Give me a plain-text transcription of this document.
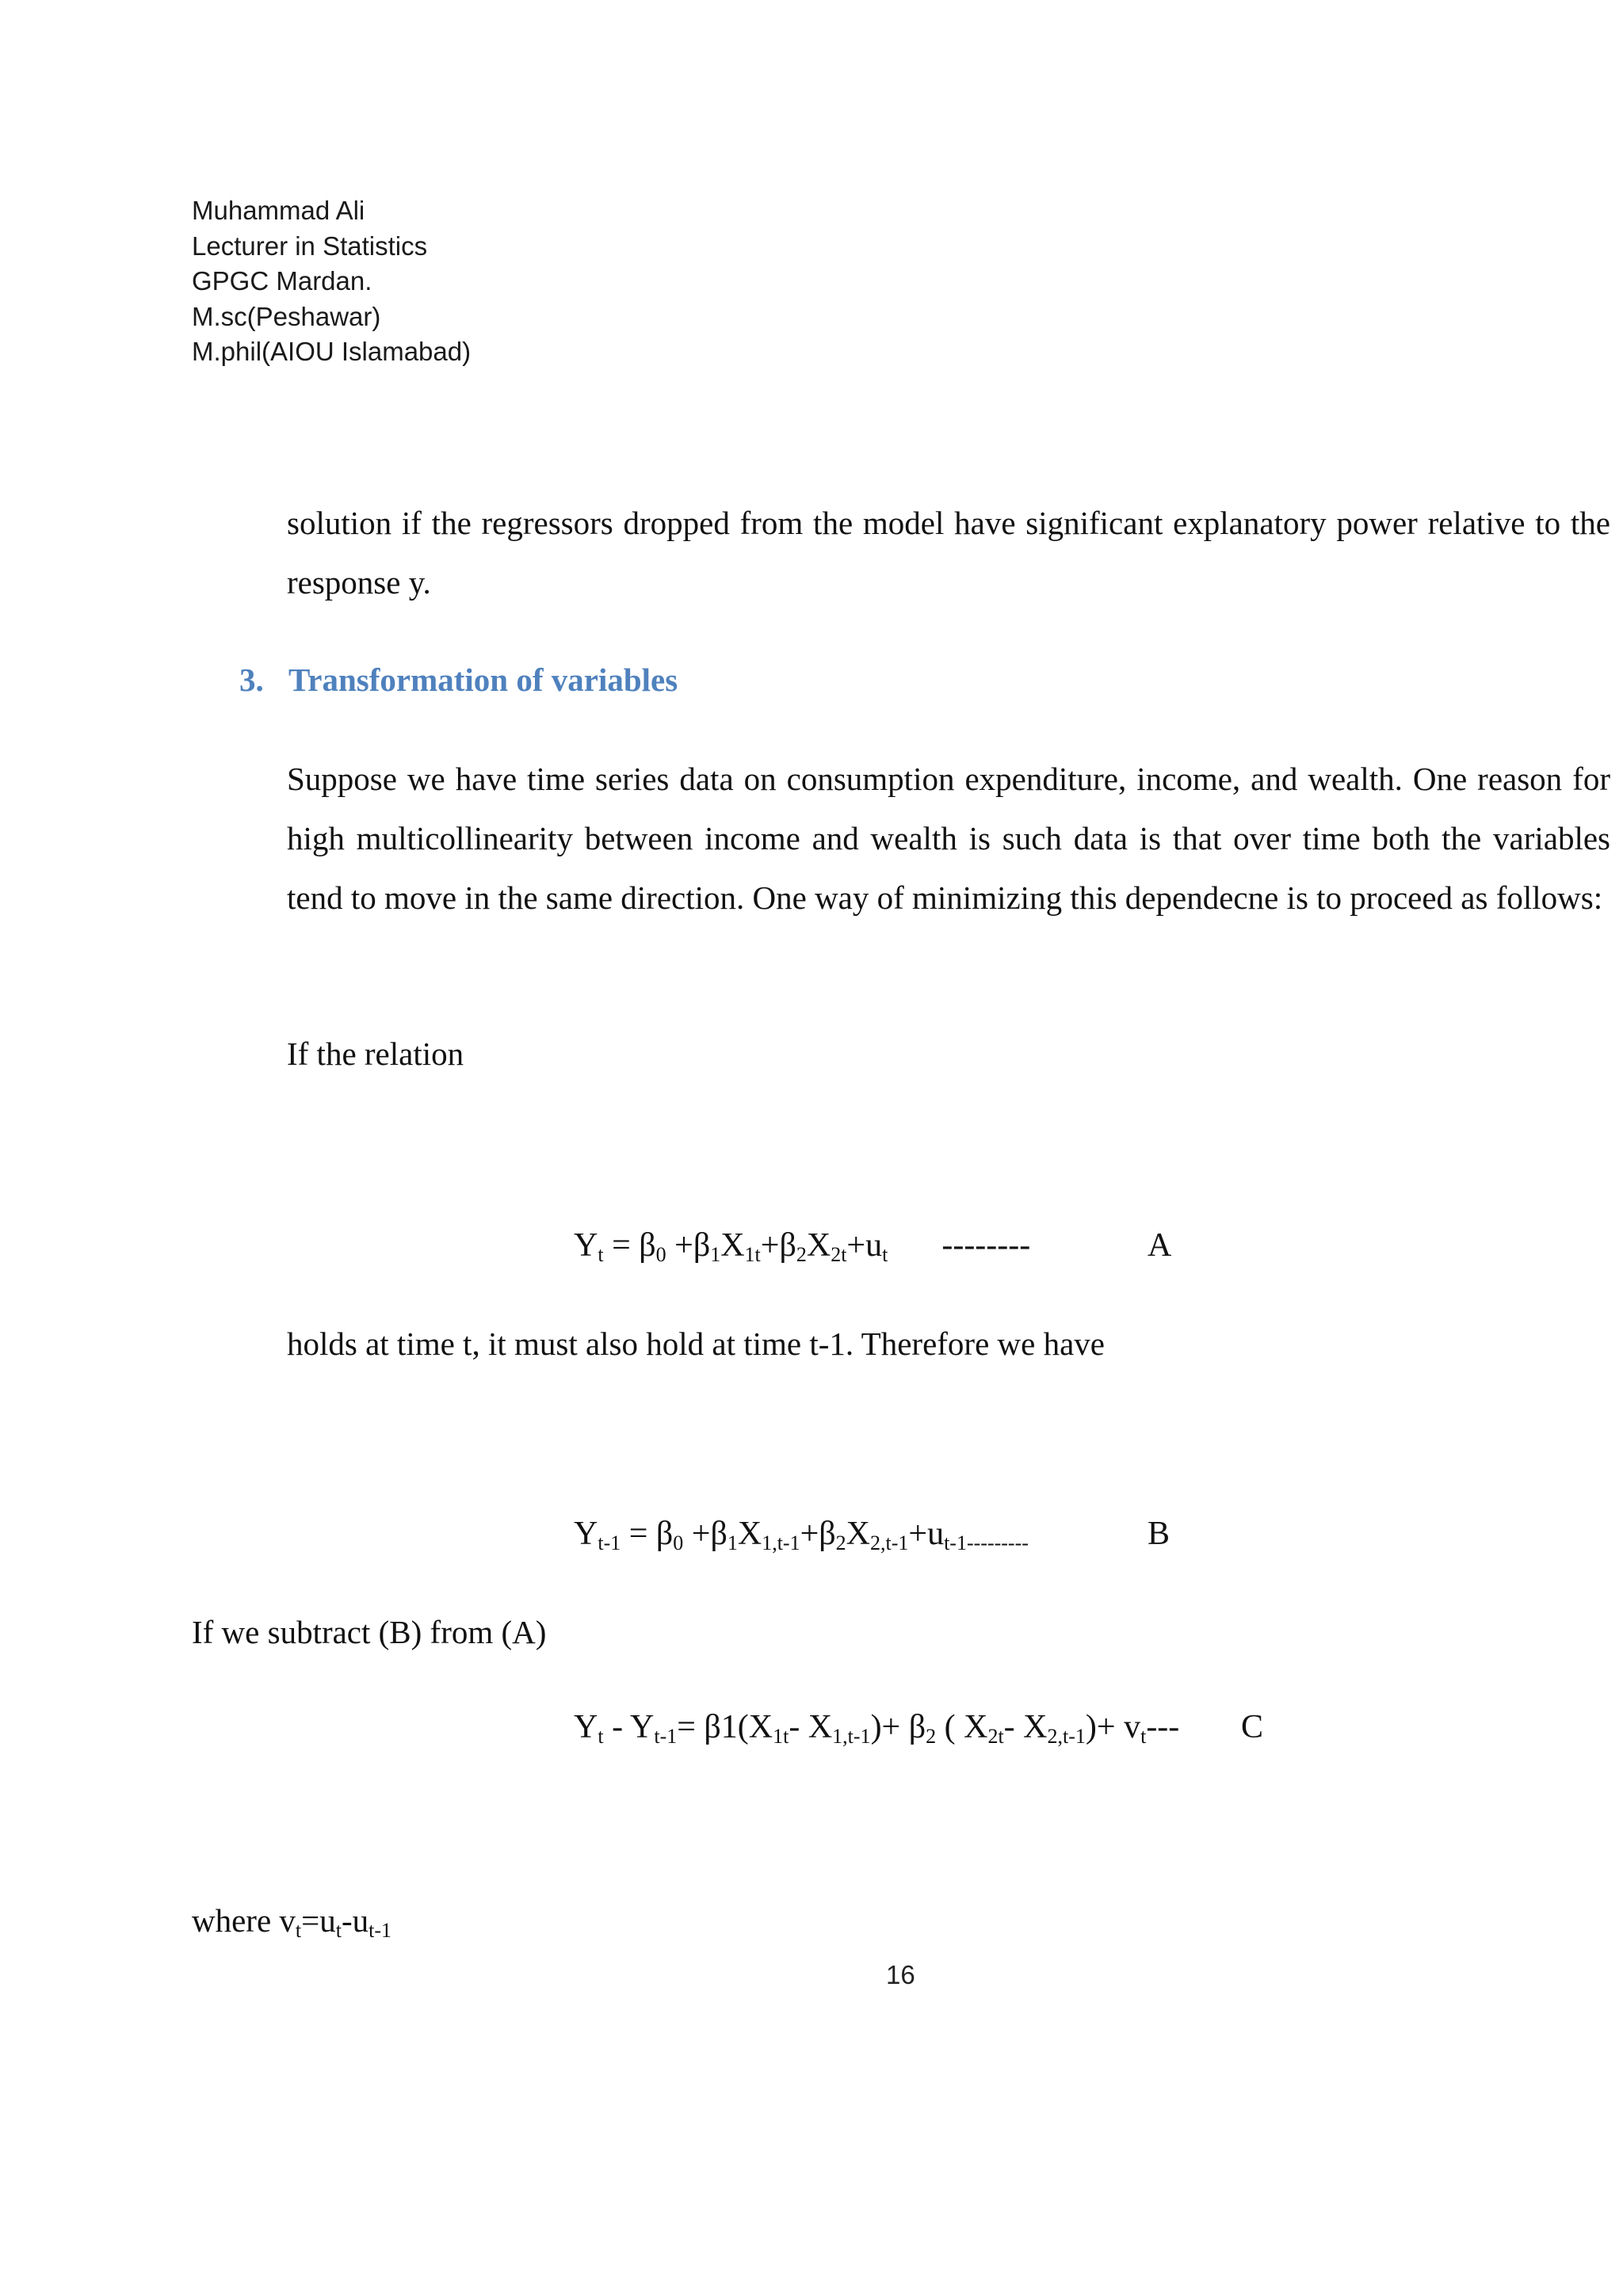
Muhammad Ali
Lecturer in Statistics
GPGC Mardan.
M.sc(Peshawar)
M.phil(AIOU Islamabad)
solution if the regressors dropped from the model have significant explanatory power relative to the response y.
3. Transformation of variables
Suppose we have time series data on consumption expenditure, income, and wealth. One reason for high multicollinearity between income and wealth is such data is that over time both the variables tend to move in the same direction. One way of minimizing this dependecne is to proceed as follows:
If the relation
$Y_t = \beta_0 +\beta_1X_{1t}+\beta_2X_{2t}+u_t$ --------	A
holds at time t, it must also hold at time t-1. Therefore we have
$Y_{t-1} = \beta_0 +\beta_1X_{1,t-1}+\beta_2X_{2,t-1}+u_{t-1}---------$	B
If we subtract (B) from (A)
$Y_t - Y_{t-1}= \beta 1(X_{1t}-$ $X_{1,t-1})+ \beta_2$ ( $X_{2t}-$ $X_{2,t-1})+ v_t---$ C
where $v_t=u_t-u_{t-1}$
16
